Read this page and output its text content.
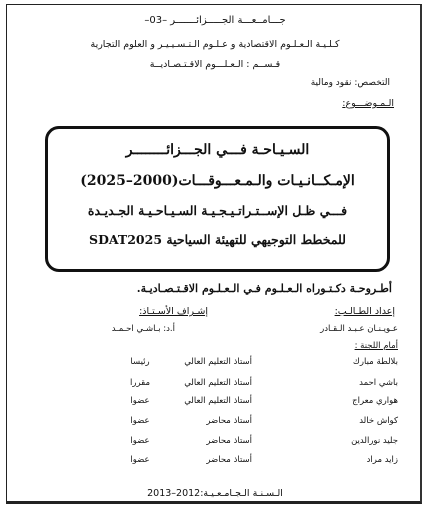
جـــامــعـــة الجـــــزائـــــــر –03–
كـلـيـة الـعـلـوم الاقتصادية و عـلـوم الـتـسـيـيـر و العلوم التجارية
قـســم : الـعـلـــوم الاقـتـصـاديــة
التخصص: نقود ومالية
الـمـوضـــوع:
السـيـاحـة فـــي الجـــزائــــــــر
الإمـكــانـيـات والـمـعـــوقـــات(2000–2025)
فـــي ظـل الإســتـراتـيـجـيـة السـيـاحـيـة الجـديـدة
للمخطط التوجيهي للتهيئة السياحية SDAT2025
أطـروحـة دكـتـوراه الـعـلـوم فـي الـعـلـوم الاقـتـصـاديـة.
إعداد الطـالـب:
إشـراف الأسـتـاذ:
عـويـنـان عـبـد الـقـادر
أ.د: بـاشـي احـمـد
أمام اللجنة :
بلالطة مبارك
أستاذ التعليم العالي
رئيسا
باشي احمد
أستاذ التعليم العالي
مقررا
هواري معراج
أستاذ التعليم العالي
عضوا
كواش خالد
أستاذ محاضر
عضوا
جليد نورالدين
أستاذ محاضر
عضوا
زايد مراد
أستاذ محاضر
عضوا
الـسـنـة الـجـامـعـيـة:2012–2013
